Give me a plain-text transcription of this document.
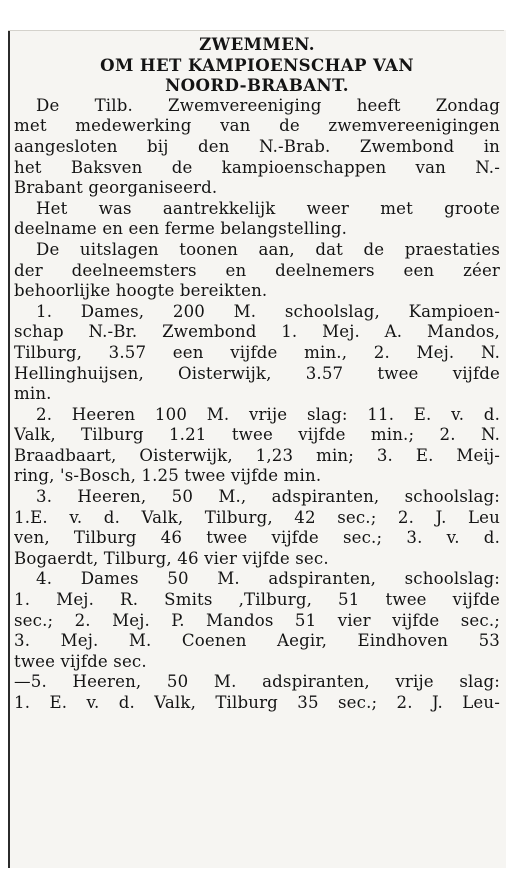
ZWEMMEN.
OM HET KAMPIOENSCHAP VAN
NOORD-BRABANT.
De Tilb. Zwemvereeniging heeft Zondag
met medewerking van de zwemvereenigingen
aangesloten bij den N.-Brab. Zwembond in
het Baksven de kampioenschappen van N.-
Brabant georganiseerd.
Het was aantrekkelijk weer met groote
deelname en een ferme belangstelling.
De uitslagen toonen aan, dat de praestaties
der deelneemsters en deelnemers een zéer
behoorlijke hoogte bereikten.
1. Dames, 200 M. schoolslag, Kampioen-
schap N.-Br. Zwembond 1. Mej. A. Mandos,
Tilburg, 3.57 een vijfde min., 2. Mej. N.
Hellinghuijsen, Oisterwijk, 3.57 twee vijfde
min.
2. Heeren 100 M. vrije slag: 11. E. v. d.
Valk, Tilburg 1.21 twee vijfde min.; 2. N.
Braadbaart, Oisterwijk, 1,23 min; 3. E. Meij-
ring, 's-Bosch, 1.25 twee vijfde min.
3. Heeren, 50 M., adspiranten, schoolslag:
1.E. v. d. Valk, Tilburg, 42 sec.; 2. J. Leu
ven, Tilburg 46 twee vijfde sec.; 3. v. d.
Bogaerdt, Tilburg, 46 vier vijfde sec.
4. Dames 50 M. adspiranten, schoolslag:
1. Mej. R. Smits ,Tilburg, 51 twee vijfde
sec.; 2. Mej. P. Mandos 51 vier vijfde sec.;
3. Mej. M. Coenen Aegir, Eindhoven 53
twee vijfde sec.
—5. Heeren, 50 M. adspiranten, vrije slag:
1. E. v. d. Valk, Tilburg 35 sec.; 2. J. Leu-
